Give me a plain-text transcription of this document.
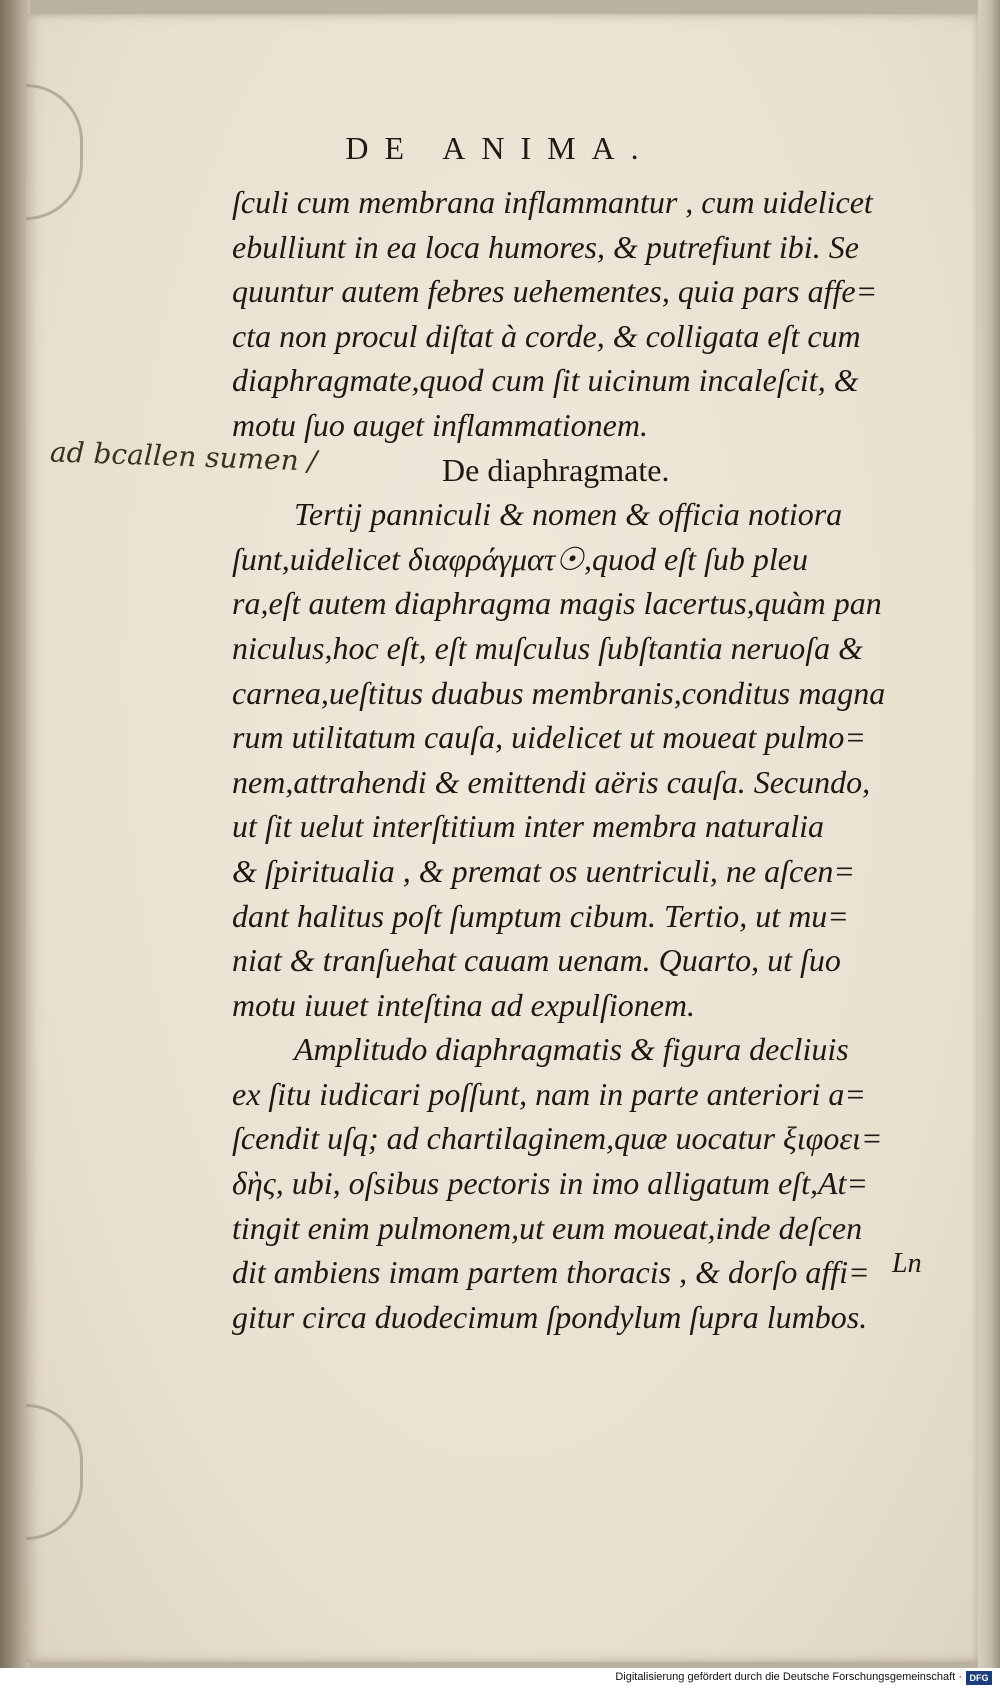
DE ANIMA.
ad bcallen sumen /
ſculi cum membrana inflammantur , cum uidelicet
ebulliunt in ea loca humores, & putrefiunt ibi. Se
quuntur autem febres uehementes, quia pars affe=
cta non procul diſtat à corde, & colligata eſt cum
diaphragmate,quod cum ſit uicinum incaleſcit, &
motu ſuo auget inflammationem.
De diaphragmate.
Tertij panniculi & nomen & officia notiora
ſunt,uidelicet διαφράγματ☉,quod eſt ſub pleu
ra,eſt autem diaphragma magis lacertus,quàm pan
niculus,hoc eſt, eſt muſculus ſubſtantia neruoſa &
carnea,ueſtitus duabus membranis,conditus magna
rum utilitatum cauſa, uidelicet ut moueat pulmo=
nem,attrahendi & emittendi aëris cauſa. Secundo,
ut ſit uelut interſtitium inter membra naturalia
& ſpiritualia , & premat os uentriculi, ne aſcen=
dant halitus poſt ſumptum cibum. Tertio, ut mu=
niat & tranſuehat cauam uenam. Quarto, ut ſuo
motu iuuet inteſtina ad expulſionem.
Amplitudo diaphragmatis & figura decliuis
ex ſitu iudicari poſſunt, nam in parte anteriori a=
ſcendit uſq; ad chartilaginem,quæ uocatur ξιφοει=
δὴς, ubi, oſsibus pectoris in imo alligatum eſt,At=
tingit enim pulmonem,ut eum moueat,inde deſcen
dit ambiens imam partem thoracis , & dorſo affi=
gitur circa duodecimum ſpondylum ſupra lumbos.
Ln
Digitalisierung gefördert durch die Deutsche Forschungsgemeinschaft · DFG
